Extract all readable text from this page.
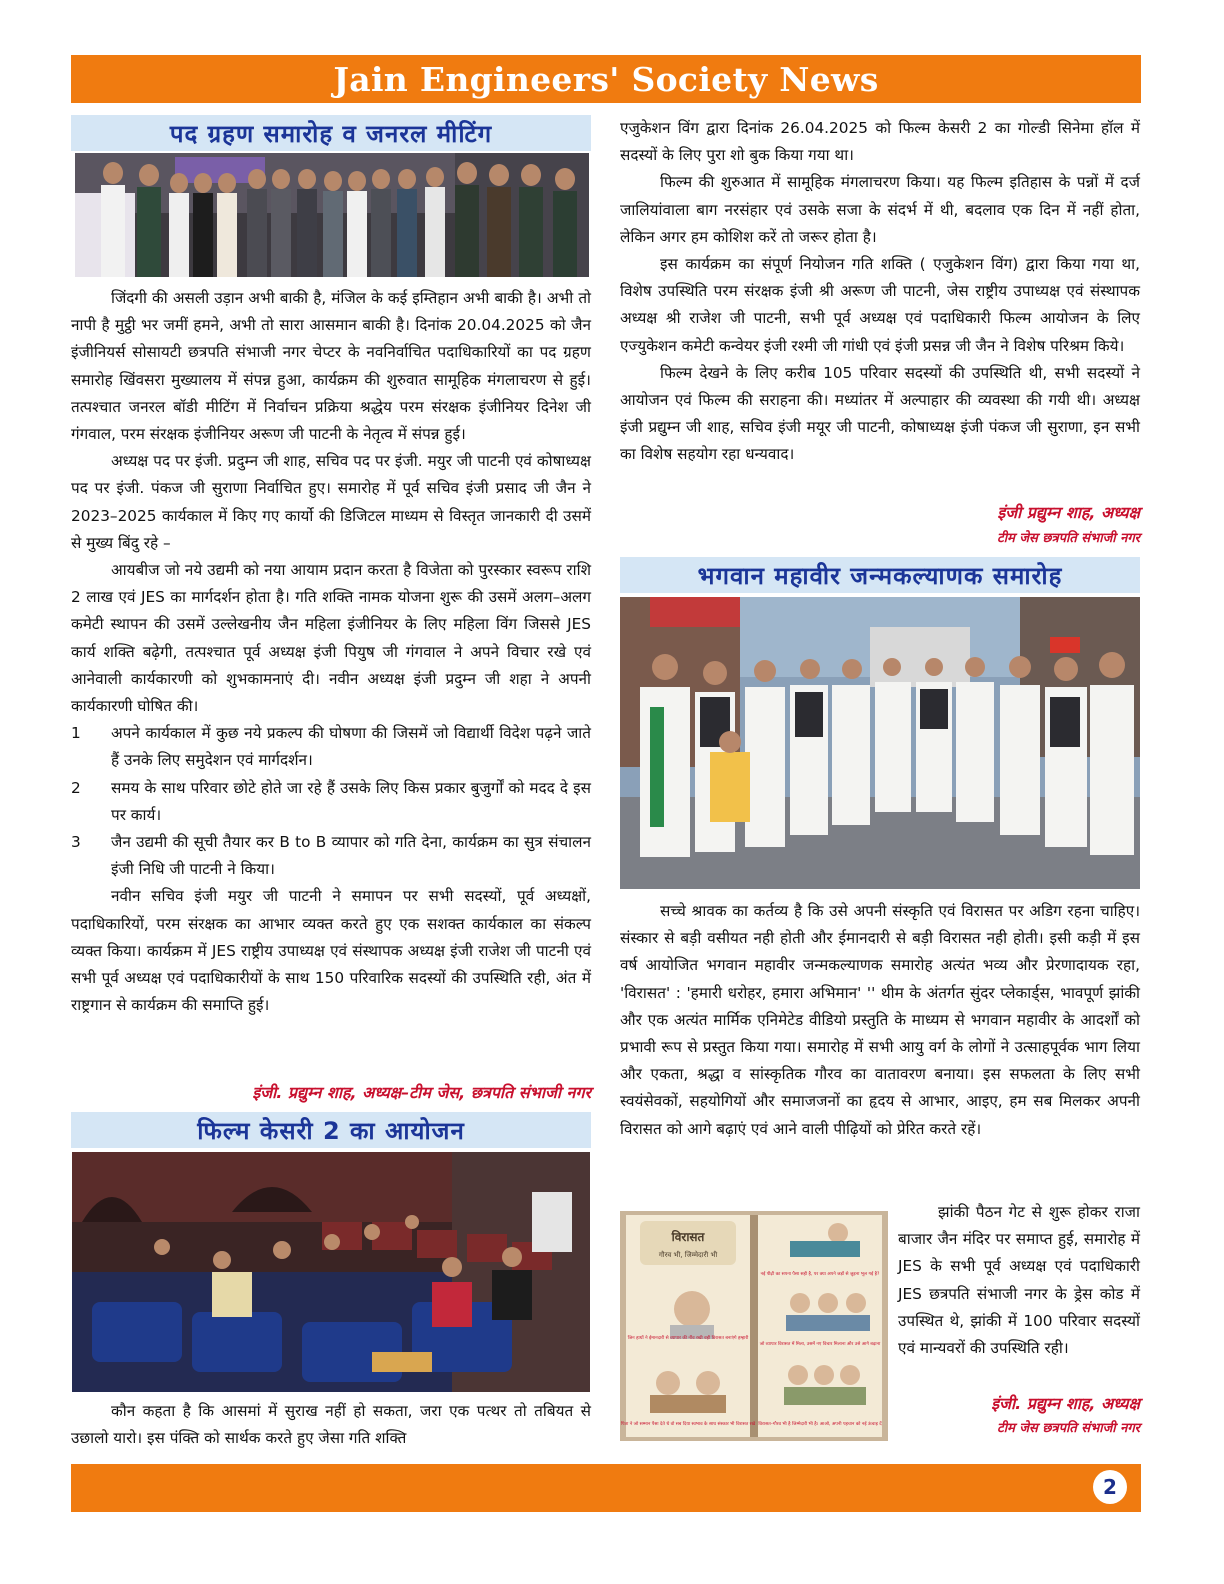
Jain Engineers' Society News
पद ग्रहण समारोह व जनरल मीटिंग

जिंदगी की असली उड़ान अभी बाकी है, मंजिल के कई इम्तिहान अभी बाकी है। अभी तो नापी है मुट्ठी भर जमीं हमने, अभी तो सारा आसमान बाकी है। दिनांक 20.04.2025 को जैन इंजीनियर्स सोसायटी छत्रपति संभाजी नगर चेप्टर के नवनिर्वाचित पदाधिकारियों का पद ग्रहण समारोह खिंवसरा मुख्यालय में संपन्न हुआ, कार्यक्रम की शुरुवात सामूहिक मंगलाचरण से हुई। तत्पश्चात जनरल बॉडी मीटिंग में निर्वाचन प्रक्रिया श्रद्धेय परम संरक्षक इंजीनियर दिनेश जी गंगवाल, परम संरक्षक इंजीनियर अरूण जी पाटनी के नेतृत्व में संपन्न हुई।

अध्यक्ष पद पर इंजी. प्रदुम्न जी शाह, सचिव पद पर इंजी. मयुर जी पाटनी एवं कोषाध्यक्ष पद पर इंजी. पंकज जी सुराणा निर्वाचित हुए। समारोह में पूर्व सचिव इंजी प्रसाद जी जैन ने 2023–2025 कार्यकाल में किए गए कार्यो की डिजिटल माध्यम से विस्तृत जानकारी दी उसमें से मुख्य बिंदु रहे –

आयबीज जो नये उद्यमी को नया आयाम प्रदान करता है विजेता को पुरस्कार स्वरूप राशि 2 लाख एवं JES का मार्गदर्शन होता है। गति शक्ति नामक योजना शुरू की उसमें अलग–अलग कमेटी स्थापन की उसमें उल्लेखनीय जैन महिला इंजीनियर के लिए महिला विंग जिससे JES कार्य शक्ति बढ़ेगी, तत्पश्चात पूर्व अध्यक्ष इंजी पियुष जी गंगवाल ने अपने विचार रखे एवं आनेवाली कार्यकारणी को शुभकामनाएं दी। नवीन अध्यक्ष इंजी प्रदुम्न जी शहा ने अपनी कार्यकारणी घोषित की।

1	अपने कार्यकाल में कुछ नये प्रकल्प की घोषणा की जिसमें जो विद्यार्थी विदेश पढ़ने जाते हैं उनके लिए समुदेशन एवं मार्गदर्शन।
2	समय के साथ परिवार छोटे होते जा रहे हैं उसके लिए किस प्रकार बुजुर्गों को मदद दे इस पर कार्य।
3	जैन उद्यमी की सूची तैयार कर B to B व्यापार को गति देना, कार्यक्रम का सुत्र संचालन इंजी निधि जी पाटनी ने किया।

नवीन सचिव इंजी मयुर जी पाटनी ने समापन पर सभी सदस्यों, पूर्व अध्यक्षों, पदाधिकारियों, परम संरक्षक का आभार व्यक्त करते हुए एक सशक्त कार्यकाल का संकल्प व्यक्त किया। कार्यक्रम में JES राष्ट्रीय उपाध्यक्ष एवं संस्थापक अध्यक्ष इंजी राजेश जी पाटनी एवं सभी पूर्व अध्यक्ष एवं पदाधिकारीयों के साथ 150 परिवारिक सदस्यों की उपस्थिति रही, अंत में राष्ट्रगान से कार्यक्रम की समाप्ति हुई।

इंजी. प्रद्युम्न शाह, अध्यक्ष–टीम जेस, छत्रपति संभाजी नगर
फिल्म केसरी 2 का आयोजन

कौन कहता है कि आसमां में सुराख नहीं हो सकता, जरा एक पत्थर तो तबियत से उछालो यारो। इस पंक्ति को सार्थक करते हुए जेसा गति शक्ति

एजुकेशन विंग द्वारा दिनांक 26.04.2025 को फिल्म केसरी 2 का गोल्डी सिनेमा हॉल में सदस्यों के लिए पुरा शो बुक किया गया था।

फिल्म की शुरुआत में सामूहिक मंगलाचरण किया। यह फिल्म इतिहास के पन्नों में दर्ज जालियांवाला बाग नरसंहार एवं उसके सजा के संदर्भ में थी, बदलाव एक दिन में नहीं होता, लेकिन अगर हम कोशिश करें तो जरूर होता है।

इस कार्यक्रम का संपूर्ण नियोजन गति शक्ति ( एजुकेशन विंग) द्वारा किया गया था, विशेष उपस्थिति परम संरक्षक इंजी श्री अरूण जी पाटनी, जेस राष्ट्रीय उपाध्यक्ष एवं संस्थापक अध्यक्ष श्री राजेश जी पाटनी, सभी पूर्व अध्यक्ष एवं पदाधिकारी फिल्म आयोजन के लिए एज्युकेशन कमेटी कन्वेयर इंजी रश्मी जी गांधी एवं इंजी प्रसन्न जी जैन ने विशेष परिश्रम किये।

फिल्म देखने के लिए करीब 105 परिवार सदस्यों की उपस्थिति थी, सभी सदस्यों ने आयोजन एवं फिल्म की सराहना की। मध्यांतर में अल्पाहार की व्यवस्था की गयी थी। अध्यक्ष इंजी प्रद्युम्न जी शाह, सचिव इंजी मयूर जी पाटनी, कोषाध्यक्ष इंजी पंकज जी सुराणा, इन सभी का विशेष सहयोग रहा धन्यवाद।

इंजी प्रद्युम्न शाह, अध्यक्ष
टीम जेस छत्रपति संभाजी नगर
भगवान महावीर जन्मकल्याणक समारोह

सच्चे श्रावक का कर्तव्य है कि उसे अपनी संस्कृति एवं विरासत पर अडिग रहना चाहिए। संस्कार से बड़ी वसीयत नही होती और ईमानदारी से बड़ी विरासत नही होती। इसी कड़ी में इस वर्ष आयोजित भगवान महावीर जन्मकल्याणक समारोह अत्यंत भव्य और प्रेरणादायक रहा, 'विरासत' : 'हमारी धरोहर, हमारा अभिमान' '' थीम के अंतर्गत सुंदर प्लेकार्ड्स, भावपूर्ण झांकी और एक अत्यंत मार्मिक एनिमेटेड वीडियो प्रस्तुति के माध्यम से भगवान महावीर के आदर्शों को प्रभावी रूप से प्रस्तुत किया गया। समारोह में सभी आयु वर्ग के लोगों ने उत्साहपूर्वक भाग लिया और एकता, श्रद्धा व सांस्कृतिक गौरव का वातावरण बनाया। इस सफलता के लिए सभी स्वयंसेवकों, सहयोगियों और समाजजनों का हृदय से आभार, आइए, हम सब मिलकर अपनी विरासत को आगे बढ़ाएं एवं आने वाली पीढ़ियों को प्रेरित करते रहें।

विरासत
गौरव भी, जिम्मेदारी भी
जिन हाथों ने ईमानदारी से व्यापार की नींव रखी वही विरासत बनाएंगे हम्हारी
पिता ने जो सम्मान पैसा देते थे वो सब दिया स्वभाव के साथ संस्कार भी विरासत रखे
नई पीढ़ी का सपना पैसा सही है, पर क्या अपने जड़ों से जुड़ना भूल गई है?
जो व्यापार विरासत में मिला, उसमें नए विचार मिलाना और उसे आगे बढ़ाना
विरासत–गौरव भी है जिम्मेदारी भी है। आओ, अपनी पहचान को नई ऊंचाइ दें

झांकी पैठन गेट से शुरू होकर राजा बाजार जैन मंदिर पर समाप्त हुई, समारोह में JES के सभी पूर्व अध्यक्ष एवं पदाधिकारी JES छत्रपति संभाजी नगर के ड्रेस कोड में उपस्थित थे, झांकी में 100 परिवार सदस्यों एवं मान्यवरों की उपस्थिति रही।

इंजी. प्रद्युम्न शाह, अध्यक्ष
टीम जेस छत्रपति संभाजी नगर
2
